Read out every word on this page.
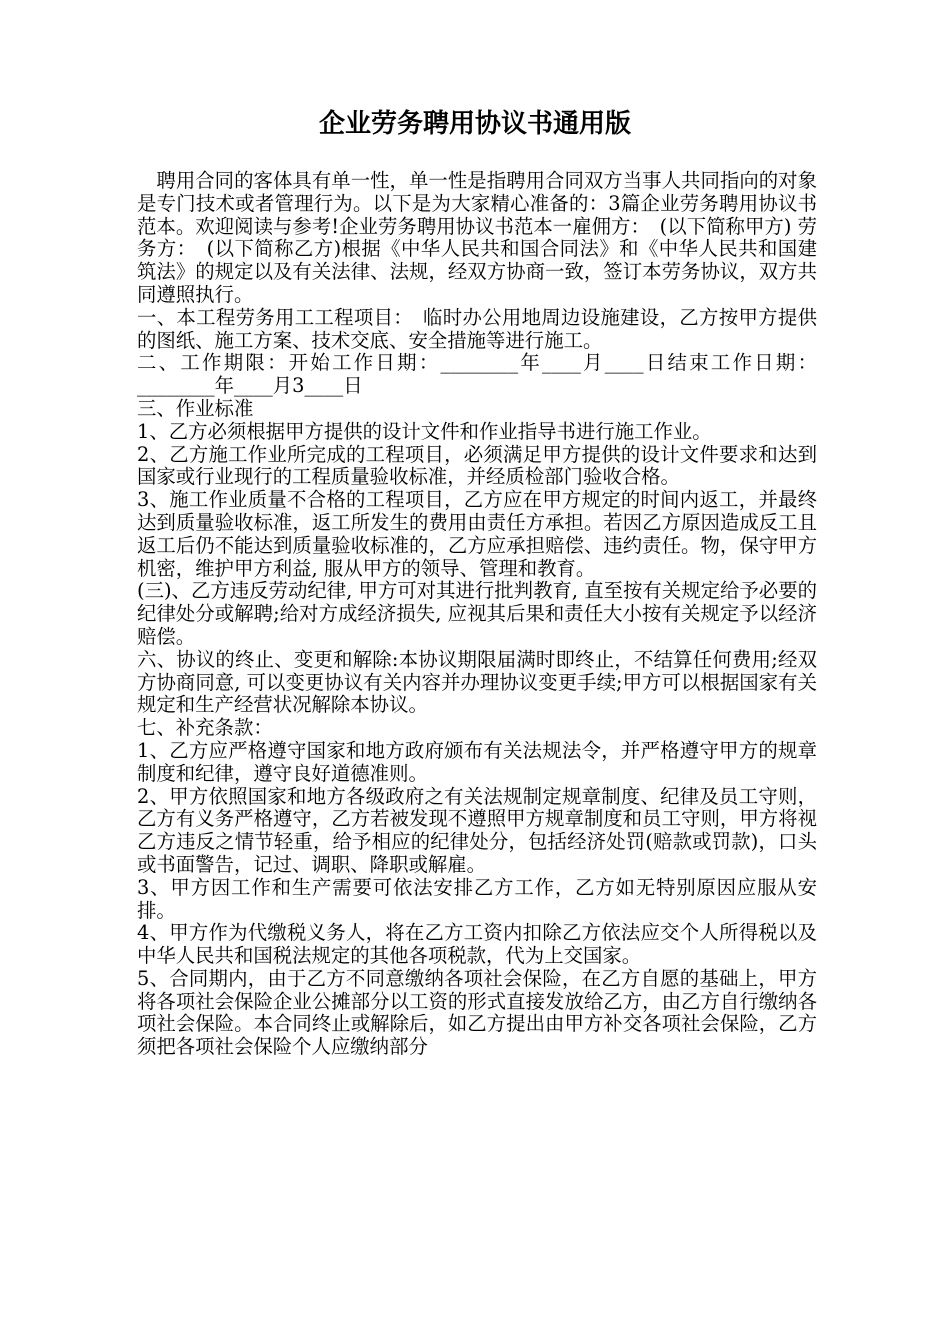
企业劳务聘用协议书通用版

聘用合同的客体具有单一性，单一性是指聘用合同双方当事人共同指向的对象是专门技术或者管理行为。以下是为大家精心准备的：3篇企业劳务聘用协议书范本。欢迎阅读与参考!企业劳务聘用协议书范本一雇佣方：　(以下简称甲方) 劳务方：　(以下简称乙方)根据《中华人民共和国合同法》和《中华人民共和国建筑法》的规定以及有关法律、法规，经双方协商一致，签订本劳务协议，双方共同遵照执行。

一、本工程劳务用工工程项目：　临时办公用地周边设施建设，乙方按甲方提供的图纸、施工方案、技术交底、安全措施等进行施工。

二、工作期限：开始工作日期：________年____月____日结束工作日期：________年____月3____日

三、作业标准

1、乙方必须根据甲方提供的设计文件和作业指导书进行施工作业。

2、乙方施工作业所完成的工程项目，必须满足甲方提供的设计文件要求和达到国家或行业现行的工程质量验收标准，并经质检部门验收合格。

3、施工作业质量不合格的工程项目，乙方应在甲方规定的时间内返工，并最终达到质量验收标准，返工所发生的费用由责任方承担。若因乙方原因造成反工且返工后仍不能达到质量验收标准的，乙方应承担赔偿、违约责任。物，保守甲方机密，维护甲方利益, 服从甲方的领导、管理和教育。

(三)、乙方违反劳动纪律, 甲方可对其进行批判教育, 直至按有关规定给予必要的纪律处分或解聘;给对方成经济损失, 应视其后果和责任大小按有关规定予以经济赔偿。

六、协议的终止、变更和解除:本协议期限届满时即终止，不结算任何费用;经双方协商同意, 可以变更协议有关内容并办理协议变更手续;甲方可以根据国家有关规定和生产经营状况解除本协议。

七、补充条款：

1、乙方应严格遵守国家和地方政府颁布有关法规法令，并严格遵守甲方的规章制度和纪律，遵守良好道德准则。

2、甲方依照国家和地方各级政府之有关法规制定规章制度、纪律及员工守则，乙方有义务严格遵守，乙方若被发现不遵照甲方规章制度和员工守则，甲方将视乙方违反之情节轻重，给予相应的纪律处分，包括经济处罚(赔款或罚款)，口头或书面警告，记过、调职、降职或解雇。

3、甲方因工作和生产需要可依法安排乙方工作，乙方如无特别原因应服从安排。

4、甲方作为代缴税义务人，将在乙方工资内扣除乙方依法应交个人所得税以及中华人民共和国税法规定的其他各项税款，代为上交国家。

5、合同期内，由于乙方不同意缴纳各项社会保险，在乙方自愿的基础上，甲方将各项社会保险企业公摊部分以工资的形式直接发放给乙方，由乙方自行缴纳各项社会保险。本合同终止或解除后，如乙方提出由甲方补交各项社会保险，乙方须把各项社会保险个人应缴纳部分
